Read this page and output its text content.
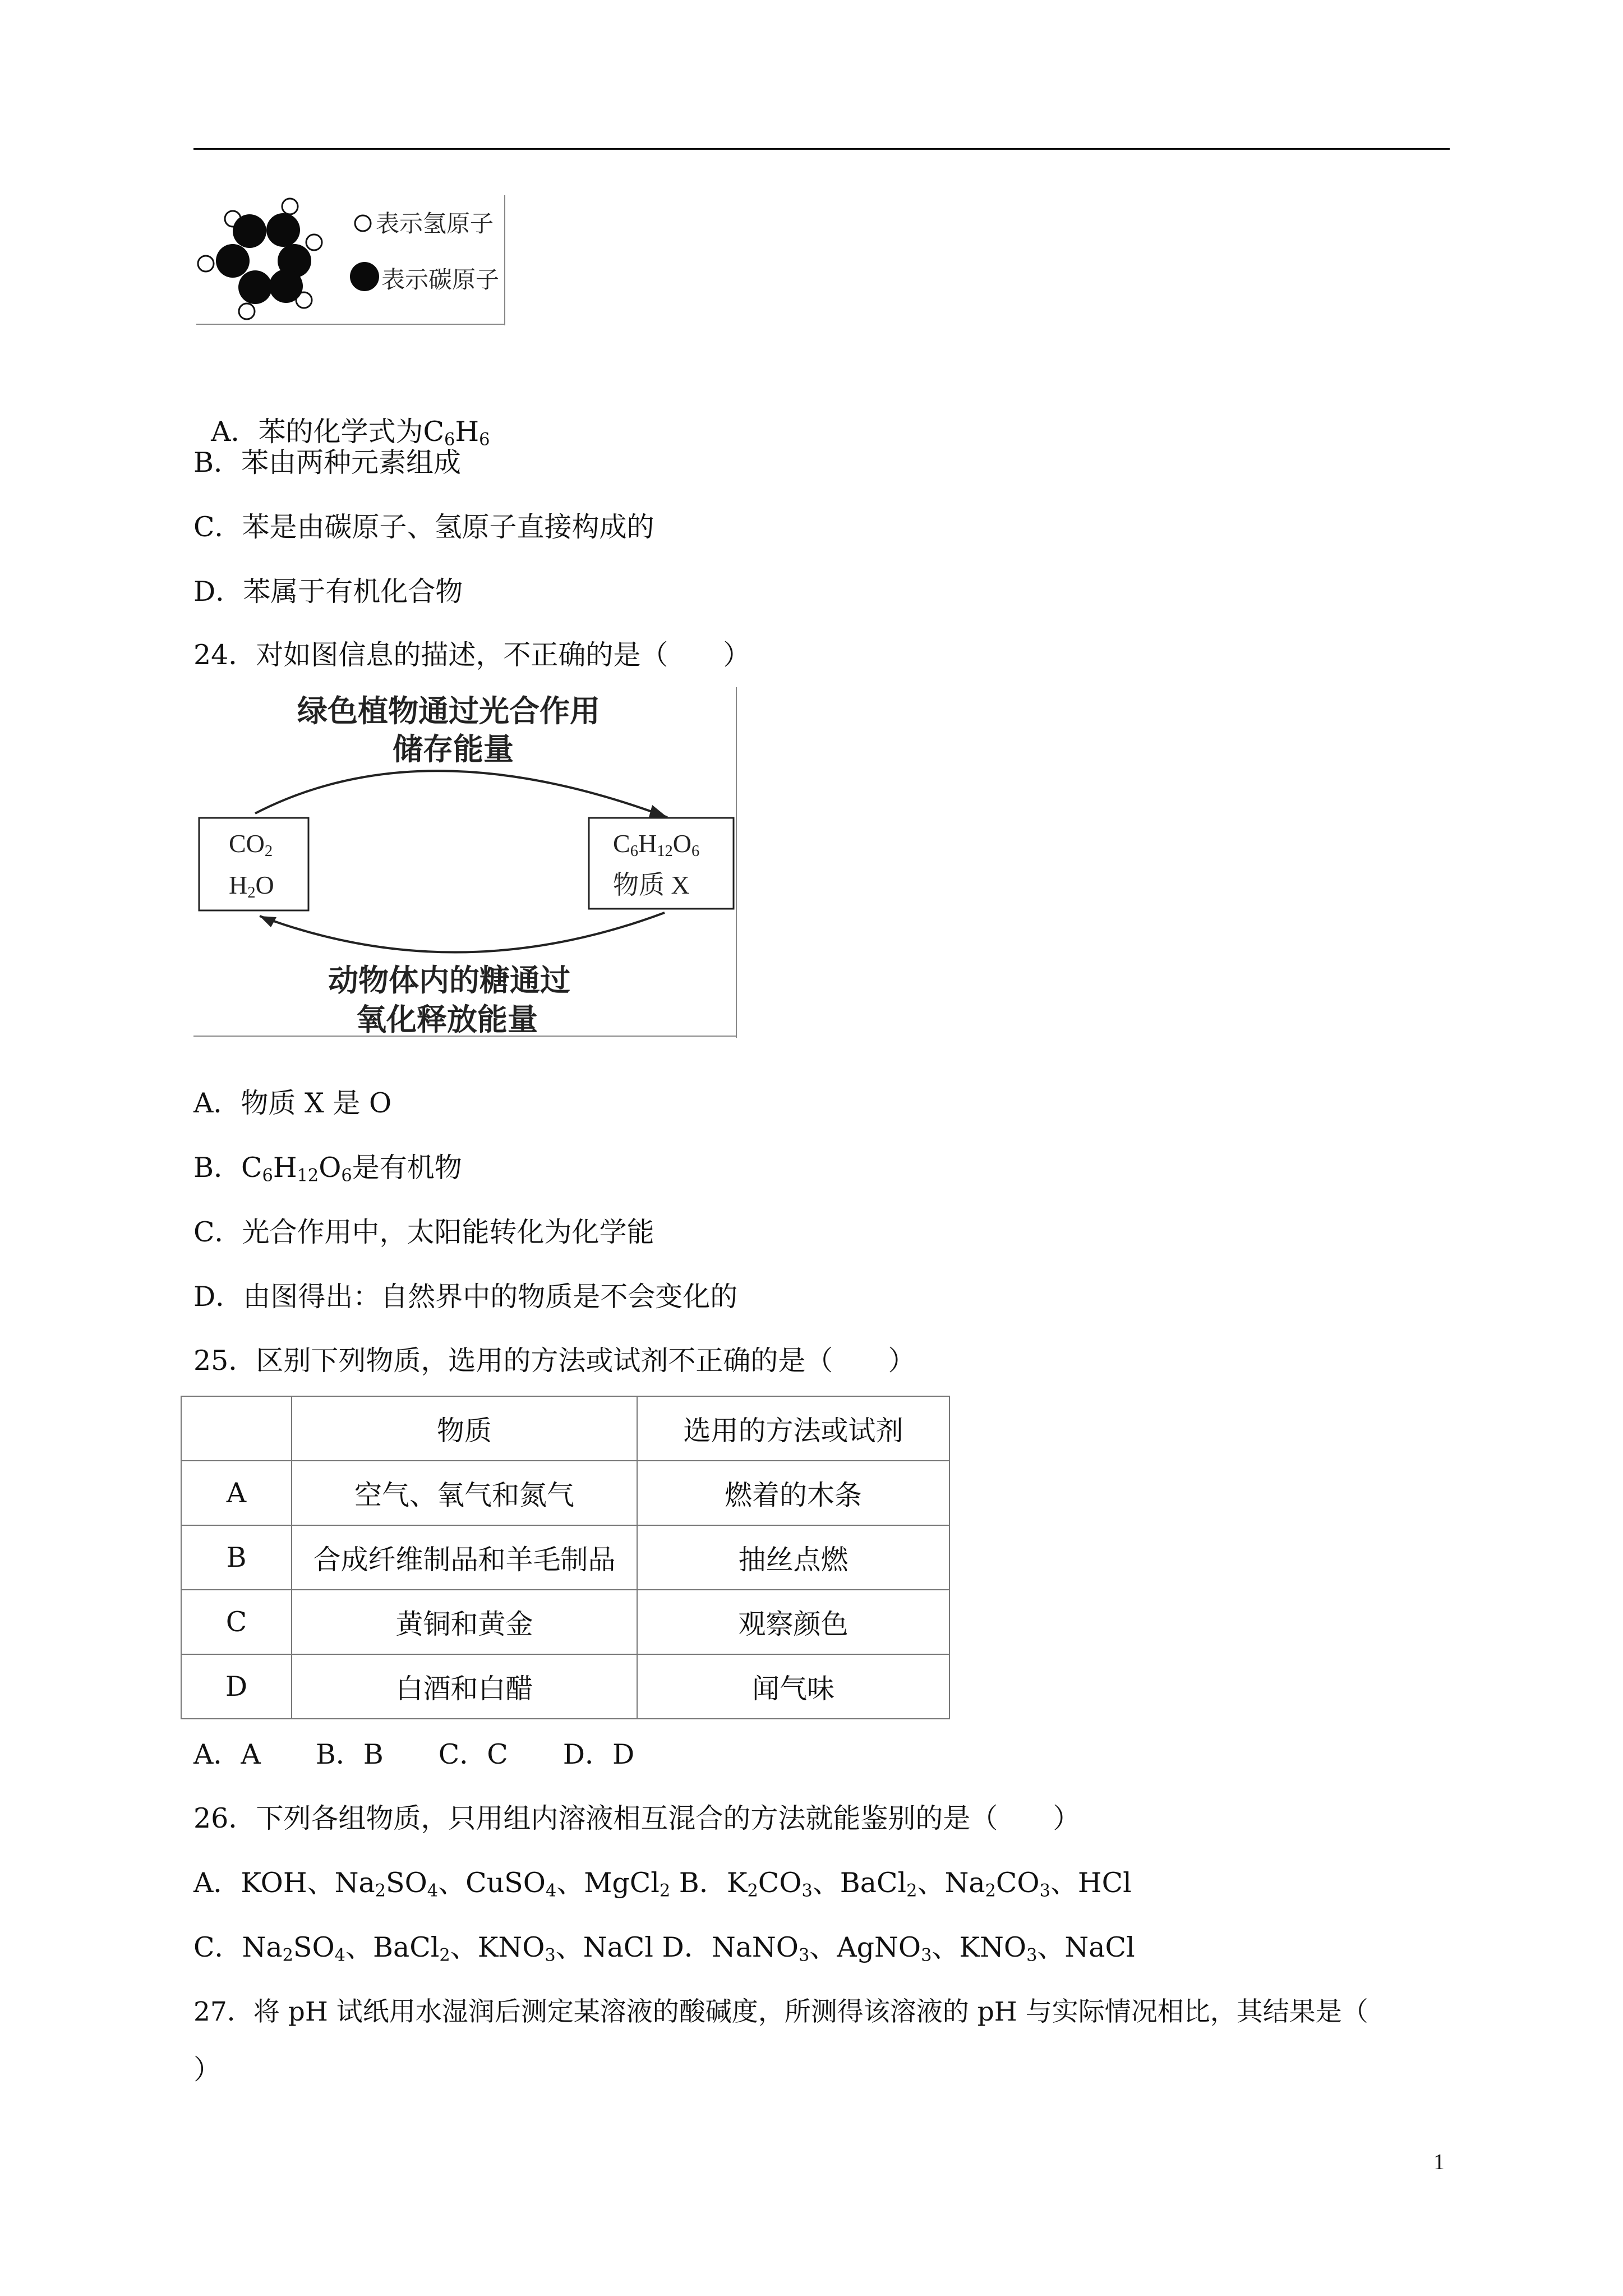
表示氢原子
表示碳原子

A．苯的化学式为$C_6H_6$

B．苯由两种元素组成
C．苯是由碳原子、氢原子直接构成的
D．苯属于有机化合物
24．对如图信息的描述，不正确的是（　　）
绿色植物通过光合作用
储存能量
$CO_2$
$H_2O$
$C_6H_{12}O_6$
物质 X
动物体内的糖通过
氧化释放能量
A．物质 X 是 O
B．$C_6H_{12}O_6$是有机物
C．光合作用中，太阳能转化为化学能
D．由图得出：自然界中的物质是不会变化的
25．区别下列物质，选用的方法或试剂不正确的是（　　）
	物质	选用的方法或试剂
A	空气、氧气和氮气	燃着的木条
B	合成纤维制品和羊毛制品	抽丝点燃
C	黄铜和黄金	观察颜色
D	白酒和白醋	闻气味
A．A　　B．B　　C．C　　D．D
26．下列各组物质，只用组内溶液相互混合的方法就能鉴别的是（　　）
A．KOH、$Na_2SO_4$、CuSO$_4$、MgCl$_2$ B．$K_2CO_3$、BaCl$_2$、$Na_2CO_3$、HCl
C．$Na_2SO_4$、BaCl$_2$、$KNO_3$、NaCl D．NaNO$_3$、AgNO$_3$、$KNO_3$、NaCl
27．将 pH 试纸用水湿润后测定某溶液的酸碱度，所测得该溶液的 pH 与实际情况相比，其结果是（
）
1
